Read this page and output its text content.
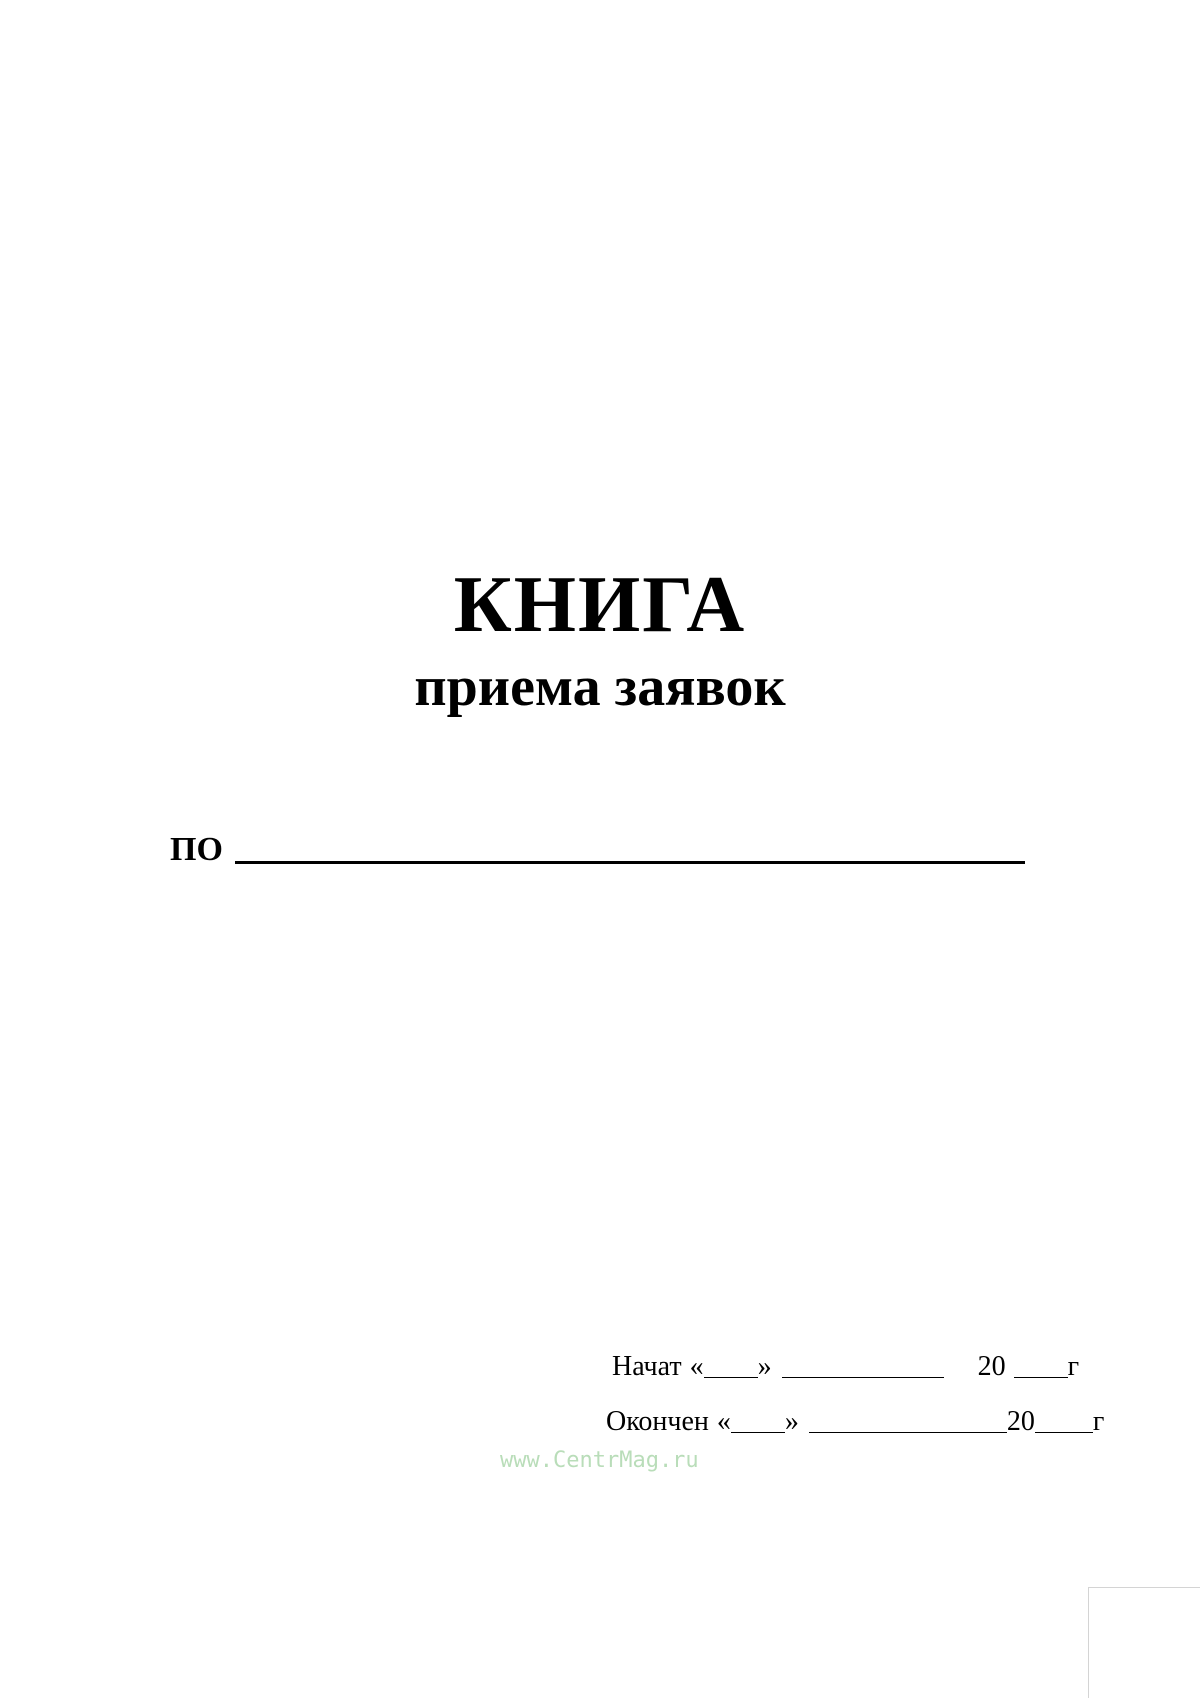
КНИГА
приема заявок
ПО
Начат « »	20 г
Окончен « »	20 г
www.CentrMag.ru
